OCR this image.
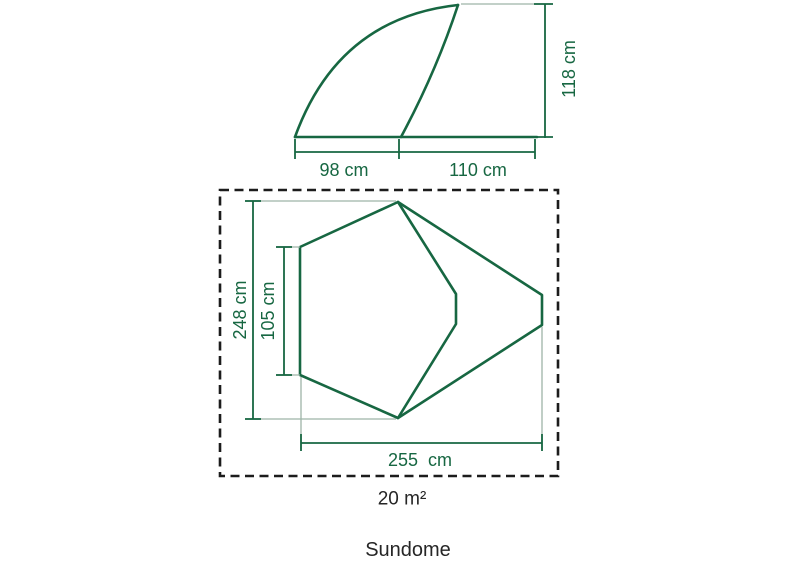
118 cm
98 cm	110 cm
248 cm 105 cm
255  cm
20 m²
Sundome
